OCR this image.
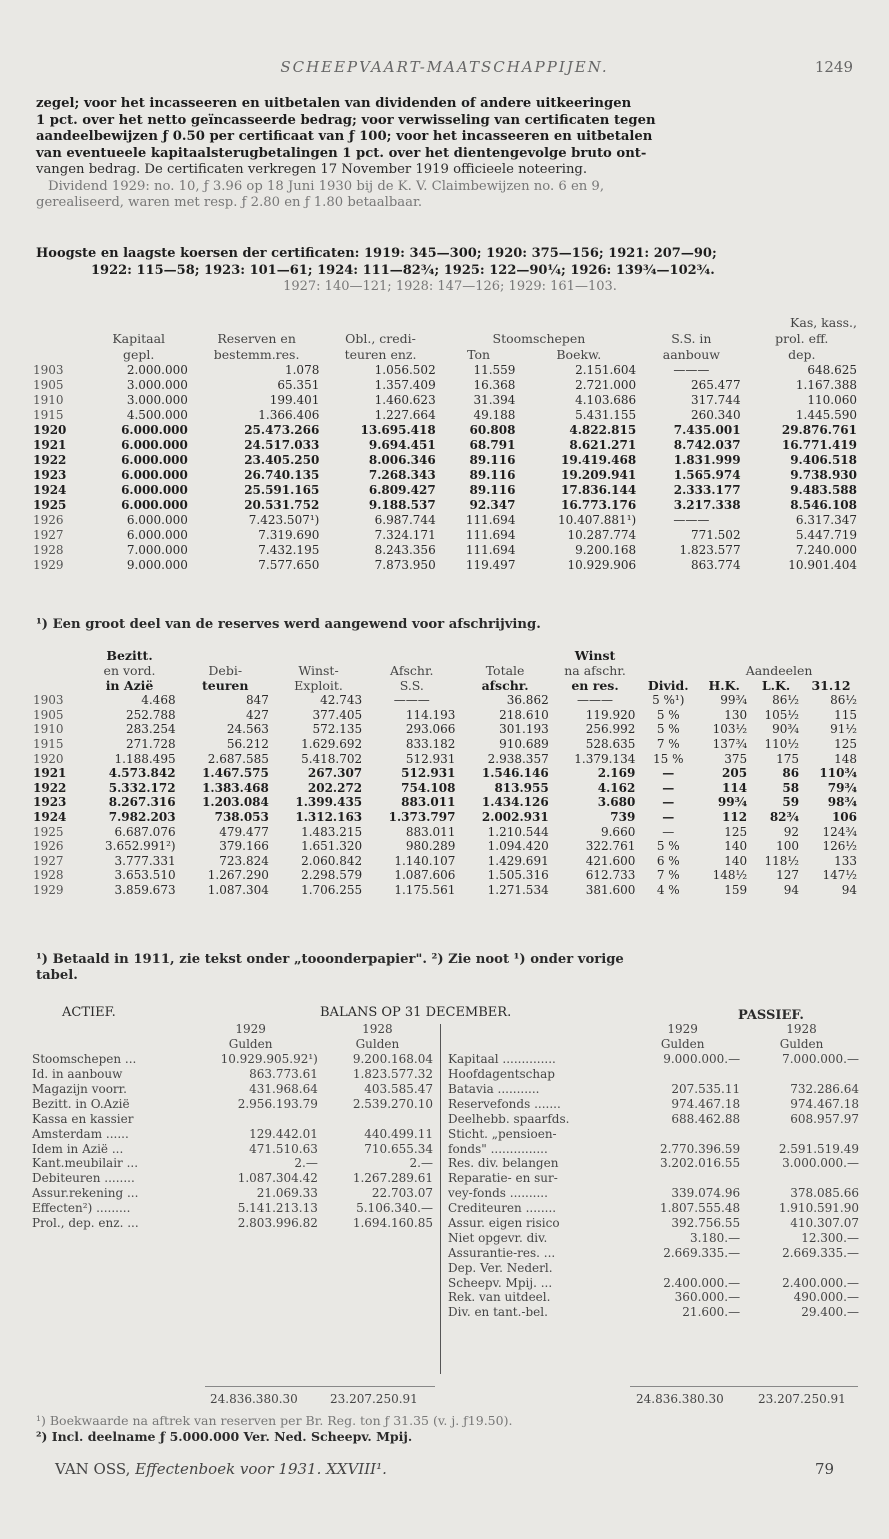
SCHEEPVAART-MAATSCHAPPIJEN.	1249
zegel; voor het incasseeren en uitbetalen van dividenden of andere uitkeeringen
1 pct. over het netto geïncasseerde bedrag; voor verwisseling van certificaten tegen
aandeelbewijzen ƒ 0.50 per certificaat van ƒ 100; voor het incasseeren en uitbetalen
van eventueele kapitaalsterugbetalingen 1 pct. over het dientengevolge bruto ont-
vangen bedrag. De certificaten verkregen 17 November 1919 officieele noteering.
Dividend 1929: no. 10, ƒ 3.96 op 18 Juni 1930 bij de K. V. Claimbewijzen no. 6 en 9,
gerealiseerd, waren met resp. ƒ 2.80 en ƒ 1.80 betaalbaar.
Hoogste en laagste koersen der certificaten: 1919: 345—300; 1920: 375—156; 1921: 207—90;
1922: 115—58; 1923: 101—61; 1924: 111—82¾; 1925: 122—90¼; 1926: 139¾—102¾.
1927: 140—121; 1928: 147—126; 1929: 161—103.
							Kas, kass.,
	Kapitaal	Reserven en	Obl., credi-	Stoomschepen		S.S. in	prol. eff.
	gepl.	bestemm.res.	teuren enz.	Ton	Boekw.	aanbouw	dep.
1903	2.000.000	1.078	1.056.502	11.559	2.151.604	———	648.625
1905	3.000.000	65.351	1.357.409	16.368	2.721.000	265.477	1.167.388
1910	3.000.000	199.401	1.460.623	31.394	4.103.686	317.744	110.060
1915	4.500.000	1.366.406	1.227.664	49.188	5.431.155	260.340	1.445.590
1920	6.000.000	25.473.266	13.695.418	60.808	4.822.815	7.435.001	29.876.761
1921	6.000.000	24.517.033	9.694.451	68.791	8.621.271	8.742.037	16.771.419
1922	6.000.000	23.405.250	8.006.346	89.116	19.419.468	1.831.999	9.406.518
1923	6.000.000	26.740.135	7.268.343	89.116	19.209.941	1.565.974	9.738.930
1924	6.000.000	25.591.165	6.809.427	89.116	17.836.144	2.333.177	9.483.588
1925	6.000.000	20.531.752	9.188.537	92.347	16.773.176	3.217.338	8.546.108
1926	6.000.000	7.423.507¹)	6.987.744	111.694	10.407.881¹)	———	6.317.347
1927	6.000.000	7.319.690	7.324.171	111.694	10.287.774	771.502	5.447.719
1928	7.000.000	7.432.195	8.243.356	111.694	9.200.168	1.823.577	7.240.000
1929	9.000.000	7.577.650	7.873.950	119.497	10.929.906	863.774	10.901.404
¹) Een groot deel van de reserves werd aangewend voor afschrijving.
	Bezitt.					Winst				
	en vord.	Debi-	Winst-	Afschr.	Totale	na afschr.		Aandeelen		
	in Azië	teuren	Exploit.	S.S.	afschr.	en res.	Divid.	H.K.	L.K.	31.12
1903	4.468	847	42.743	———	36.862	———	5 %¹)	99¾	86½	86½
1905	252.788	427	377.405	114.193	218.610	119.920	5 %	130	105½	115
1910	283.254	24.563	572.135	293.066	301.193	256.992	5 %	103½	90¾	91½
1915	271.728	56.212	1.629.692	833.182	910.689	528.635	7 %	137¾	110½	125
1920	1.188.495	2.687.585	5.418.702	512.931	2.938.357	1.379.134	15 %	375	175	148
1921	4.573.842	1.467.575	267.307	512.931	1.546.146	2.169	—	205	86	110¾
1922	5.332.172	1.383.468	202.272	754.108	813.955	4.162	—	114	58	79¾
1923	8.267.316	1.203.084	1.399.435	883.011	1.434.126	3.680	—	99¾	59	98¾
1924	7.982.203	738.053	1.312.163	1.373.797	2.002.931	739	—	112	82¾	106
1925	6.687.076	479.477	1.483.215	883.011	1.210.544	9.660	—	125	92	124¾
1926	3.652.991²)	379.166	1.651.320	980.289	1.094.420	322.761	5 %	140	100	126½
1927	3.777.331	723.824	2.060.842	1.140.107	1.429.691	421.600	6 %	140	118½	133
1928	3.653.510	1.267.290	2.298.579	1.087.606	1.505.316	612.733	7 %	148½	127	147½
1929	3.859.673	1.087.304	1.706.255	1.175.561	1.271.534	381.600	4 %	159	94	94
¹) Betaald in 1911, zie tekst onder „tooonderpapier". ²) Zie noot ¹) onder vorige
tabel.
ACTIEF.	BALANS OP 31 DECEMBER.	PASSIEF.
	1929	1928
	Gulden	Gulden
Stoomschepen ...	10.929.905.92¹)	9.200.168.04
Id. in aanbouw	863.773.61	1.823.577.32
Magazijn voorr.	431.968.64	403.585.47
Bezitt. in O.Azië	2.956.193.79	2.539.270.10
Kassa en kassier		
Amsterdam ......	129.442.01	440.499.11
Idem in Azië ...	471.510.63	710.655.34
Kant.meubilair ...	2.—	2.—
Debiteuren ........	1.087.304.42	1.267.289.61
Assur.rekening ...	21.069.33	22.703.07
Effecten²) .........	5.141.213.13	5.106.340.—
Prol., dep. enz. ...	2.803.996.82	1.694.160.85
	1929	1928
	Gulden	Gulden
Kapitaal ..............	9.000.000.—	7.000.000.—
Hoofdagentschap		
Batavia ...........	207.535.11	732.286.64
Reservefonds .......	974.467.18	974.467.18
Deelhebb. spaarfds.	688.462.88	608.957.97
Sticht. „pensioen-		
fonds" ...............	2.770.396.59	2.591.519.49
Res. div. belangen	3.202.016.55	3.000.000.—
Reparatie- en sur-		
vey-fonds ..........	339.074.96	378.085.66
Crediteuren ........	1.807.555.48	1.910.591.90
Assur. eigen risico	392.756.55	410.307.07
Niet opgevr. div.	3.180.—	12.300.—
Assurantie-res. ...	2.669.335.—	2.669.335.—
Dep. Ver. Nederl.		
Scheepv. Mpij. ...	2.400.000.—	2.400.000.—
Rek. van uitdeel.	360.000.—	490.000.—
Div. en tant.-bel.	21.600.—	29.400.—
24.836.380.30	23.207.250.91	24.836.380.30	23.207.250.91
¹) Boekwaarde na aftrek van reserven per Br. Reg. ton ƒ 31.35 (v. j. ƒ19.50).
²) Incl. deelname ƒ 5.000.000 Ver. Ned. Scheepv. Mpij.
VAN OSS, Effectenboek voor 1931. XXVIII¹.	79
